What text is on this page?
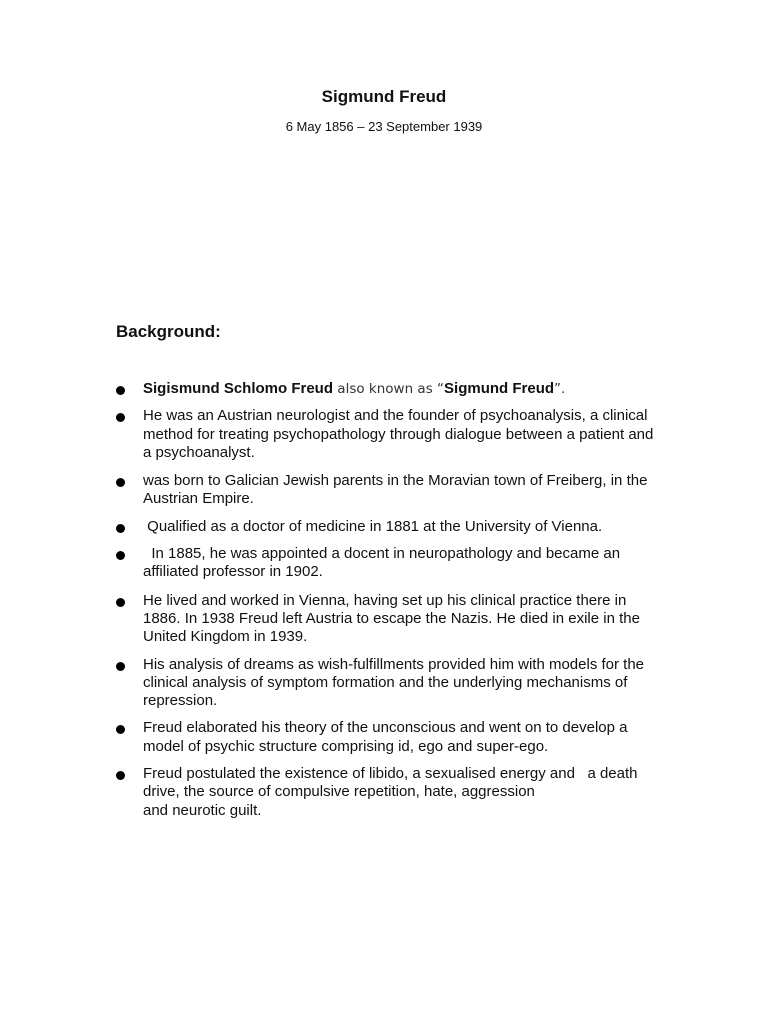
Sigmund Freud
6 May 1856 – 23 September 1939
Background:
Sigismund Schlomo Freud also known as “Sigmund Freud”.
He was an Austrian neurologist and the founder of psychoanalysis, a clinical method for treating psychopathology through dialogue between a patient and a psychoanalyst.
was born to Galician Jewish parents in the Moravian town of Freiberg, in the Austrian Empire.
Qualified as a doctor of medicine in 1881 at the University of Vienna.
In 1885, he was appointed a docent in neuropathology and became an affiliated professor in 1902.
He lived and worked in Vienna, having set up his clinical practice there in 1886. In 1938 Freud left Austria to escape the Nazis. He died in exile in the United Kingdom in 1939.
His analysis of dreams as wish-fulfillments provided him with models for the clinical analysis of symptom formation and the underlying mechanisms of repression.
Freud elaborated his theory of the unconscious and went on to develop a model of psychic structure comprising id, ego and super-ego.
Freud postulated the existence of libido, a sexualised energy and   a death
drive, the source of compulsive repetition, hate, aggression
and neurotic guilt.
